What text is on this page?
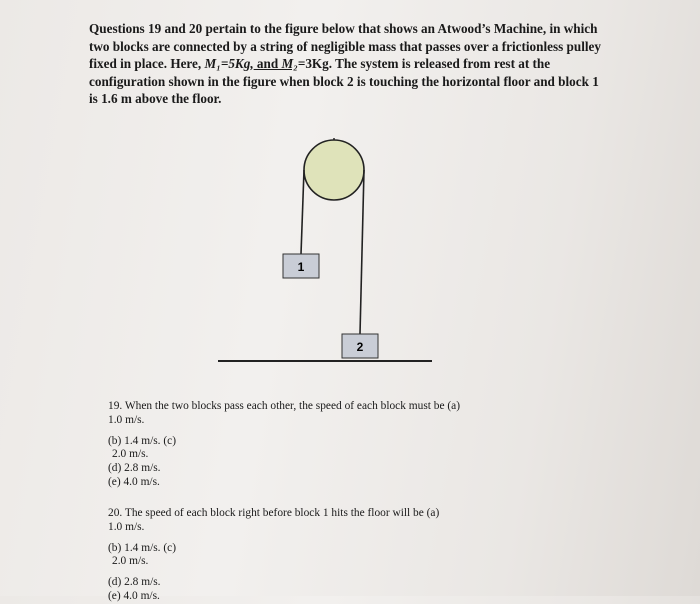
Questions 19 and 20 pertain to the figure below that shows an Atwood’s Machine, in which two blocks are connected by a string of negligible mass that passes over a frictionless pulley fixed in place. Here, M₁=5Kg, and M₂=3Kg. The system is released from rest at the configuration shown in the figure when block 2 is touching the horizontal floor and block 1 is 1.6 m above the floor.
1
2
19. When the two blocks pass each other, the speed of each block must be (a)
1.0 m/s.
(b) 1.4 m/s. (c)
2.0 m/s.
(d) 2.8 m/s.
(e) 4.0 m/s.
20. The speed of each block right before block 1 hits the floor will be (a)
1.0 m/s.
(b) 1.4 m/s. (c)
2.0 m/s.
(d) 2.8 m/s.
(e) 4.0 m/s.
